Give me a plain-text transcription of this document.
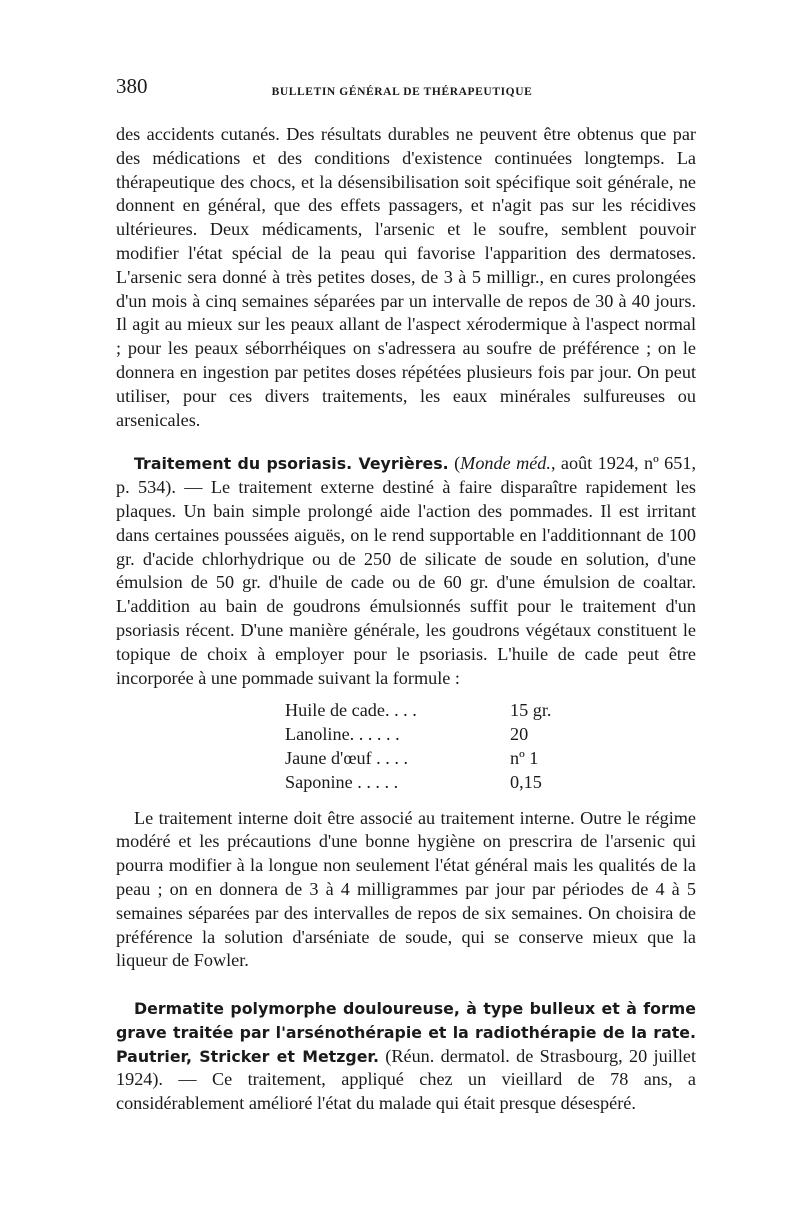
380	BULLETIN GÉNÉRAL DE THÉRAPEUTIQUE

des accidents cutanés. Des résultats durables ne peuvent être obtenus que par des médications et des conditions d'existence continuées longtemps. La thérapeutique des chocs, et la désensibilisation soit spécifique soit générale, ne donnent en général, que des effets passagers, et n'agit pas sur les récidives ultérieures. Deux médicaments, l'arsenic et le soufre, semblent pouvoir modifier l'état spécial de la peau qui favorise l'apparition des dermatoses. L'arsenic sera donné à très petites doses, de 3 à 5 milligr., en cures prolongées d'un mois à cinq semaines séparées par un intervalle de repos de 30 à 40 jours. Il agit au mieux sur les peaux allant de l'aspect xérodermique à l'aspect normal ; pour les peaux séborrhéiques on s'adressera au soufre de préférence ; on le donnera en ingestion par petites doses répétées plusieurs fois par jour. On peut utiliser, pour ces divers traitements, les eaux minérales sulfureuses ou arsenicales.

Traitement du psoriasis. Veyrières. (Monde méd., août 1924, nº 651, p. 534). — Le traitement externe destiné à faire disparaître rapidement les plaques. Un bain simple prolongé aide l'action des pommades. Il est irritant dans certaines poussées aiguës, on le rend supportable en l'additionnant de 100 gr. d'acide chlorhydrique ou de 250 de silicate de soude en solution, d'une émulsion de 50 gr. d'huile de cade ou de 60 gr. d'une émulsion de coaltar. L'addition au bain de goudrons émulsionnés suffit pour le traitement d'un psoriasis récent. D'une manière générale, les goudrons végétaux constituent le topique de choix à employer pour le psoriasis. L'huile de cade peut être incorporée à une pommade suivant la formule :

Huile de cade. . . .	15 gr.
Lanoline. . . . . .	20
Jaune d'œuf . . . .	nº 1
Saponine . . . . .	0,15

Le traitement interne doit être associé au traitement interne. Outre le régime modéré et les précautions d'une bonne hygiène on prescrira de l'arsenic qui pourra modifier à la longue non seulement l'état général mais les qualités de la peau ; on en donnera de 3 à 4 milligrammes par jour par périodes de 4 à 5 semaines séparées par des intervalles de repos de six semaines. On choisira de préférence la solution d'arséniate de soude, qui se conserve mieux que la liqueur de Fowler.

Dermatite polymorphe douloureuse, à type bulleux et à forme grave traitée par l'arsénothérapie et la radiothérapie de la rate. Pautrier, Stricker et Metzger. (Réun. dermatol. de Strasbourg, 20 juillet 1924). — Ce traitement, appliqué chez un vieillard de 78 ans, a considérablement amélioré l'état du malade qui était presque désespéré.
